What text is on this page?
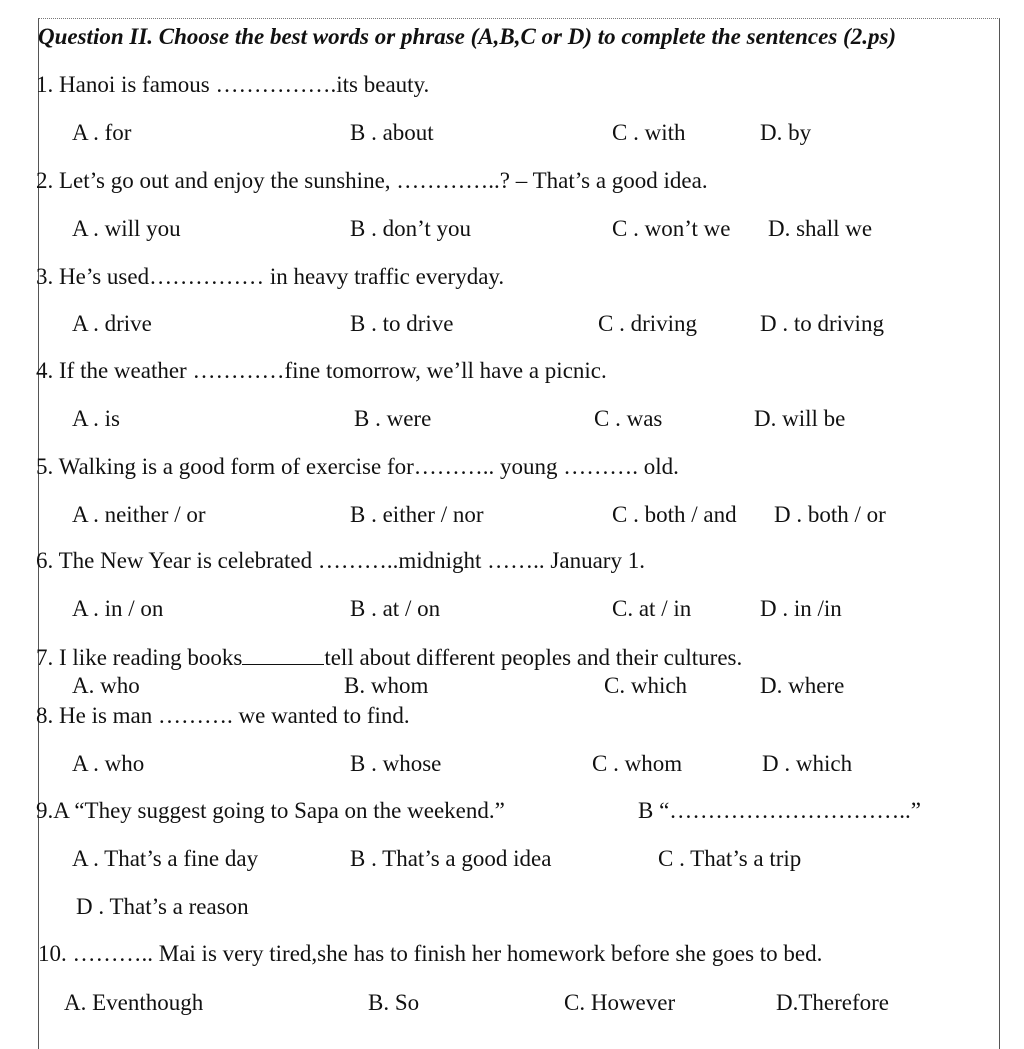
Question II. Choose the best words or phrase (A,B,C or D) to complete the sentences (2.ps)
1. Hanoi is famous …………….its beauty.
A . for	B . about	C . with	D. by
2. Let’s go out and enjoy the sunshine, …………..? – That’s a good idea.
A . will you	B . don’t you	C . won’t we D. shall we
3. He’s used…………… in heavy traffic everyday.
A . drive	B . to drive	C . driving	D . to driving
4. If the weather …………fine tomorrow, we’ll have a picnic.
A . is	B . were	C . was	D. will be
5. Walking is a good form of exercise for……….. young ………. old.
A . neither / or	B . either / nor	C . both / and D . both / or
6. The New Year is celebrated ………..midnight …….. January 1.
A . in / on	B . at / on	C. at / in	D . in /in
7. I like reading books	tell about different peoples and their cultures.
A. who	B. whom	C. which	D. where
8. He is man ………. we wanted to find.
A . who	B . whose	C . whom	D . which
9.A “They suggest going to Sapa on the weekend.”	B “…………………………..”
A . That’s a fine day	B . That’s a good idea	C . That’s a trip
D . That’s a reason
10. ……….. Mai is very tired,she has to finish her homework before she goes to bed.
A. Eventhough	B. So	C. However	D.Therefore
